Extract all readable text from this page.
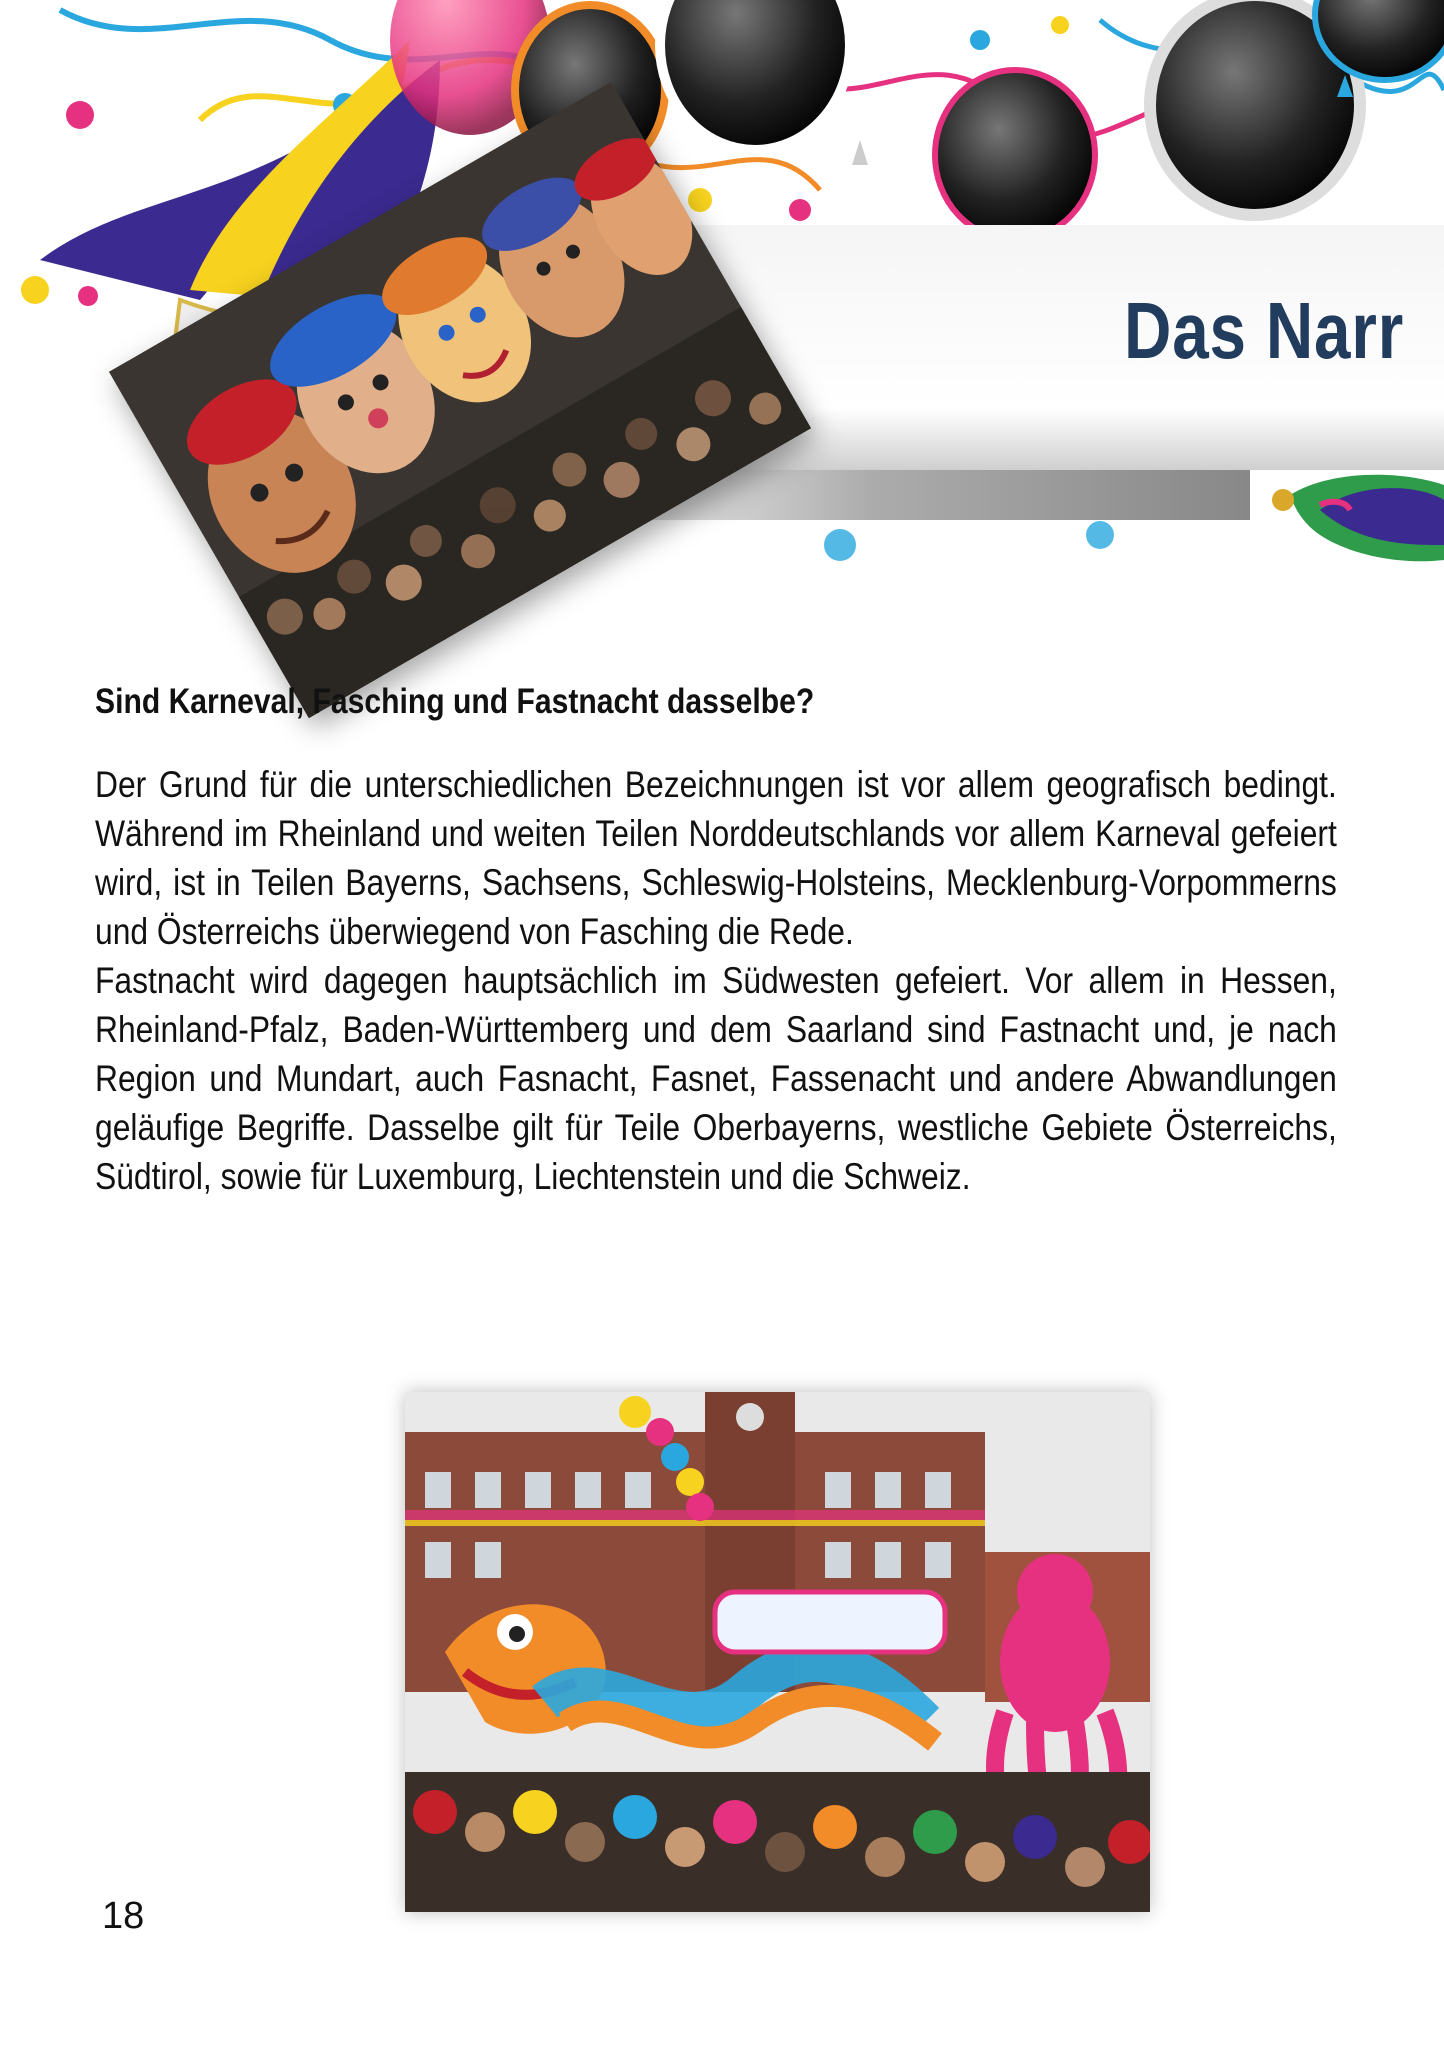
Das Narr
Sind Karneval, Fasching und Fastnacht dasselbe?

Der Grund für die unterschiedlichen Bezeichnungen ist vor allem geografisch bedingt. Während im Rheinland und weiten Teilen Norddeutschlands vor allem Karneval gefeiert wird, ist in Teilen Bayerns, Sachsens, Schleswig-Holsteins, Mecklenburg-Vorpommerns und Österreichs überwiegend von Fasching die Rede.

Fastnacht wird dagegen hauptsächlich im Südwesten gefeiert. Vor allem in Hessen, Rheinland-Pfalz, Baden-Württemberg und dem Saarland sind Fastnacht und, je nach Region und Mundart, auch Fasnacht, Fasnet, Fassenacht und andere Abwandlungen geläufige Begriffe. Dasselbe gilt für Teile Oberbayerns, westliche Gebiete Österreichs, Südtirol, sowie für Luxemburg, Liechtenstein und die Schweiz.

18
